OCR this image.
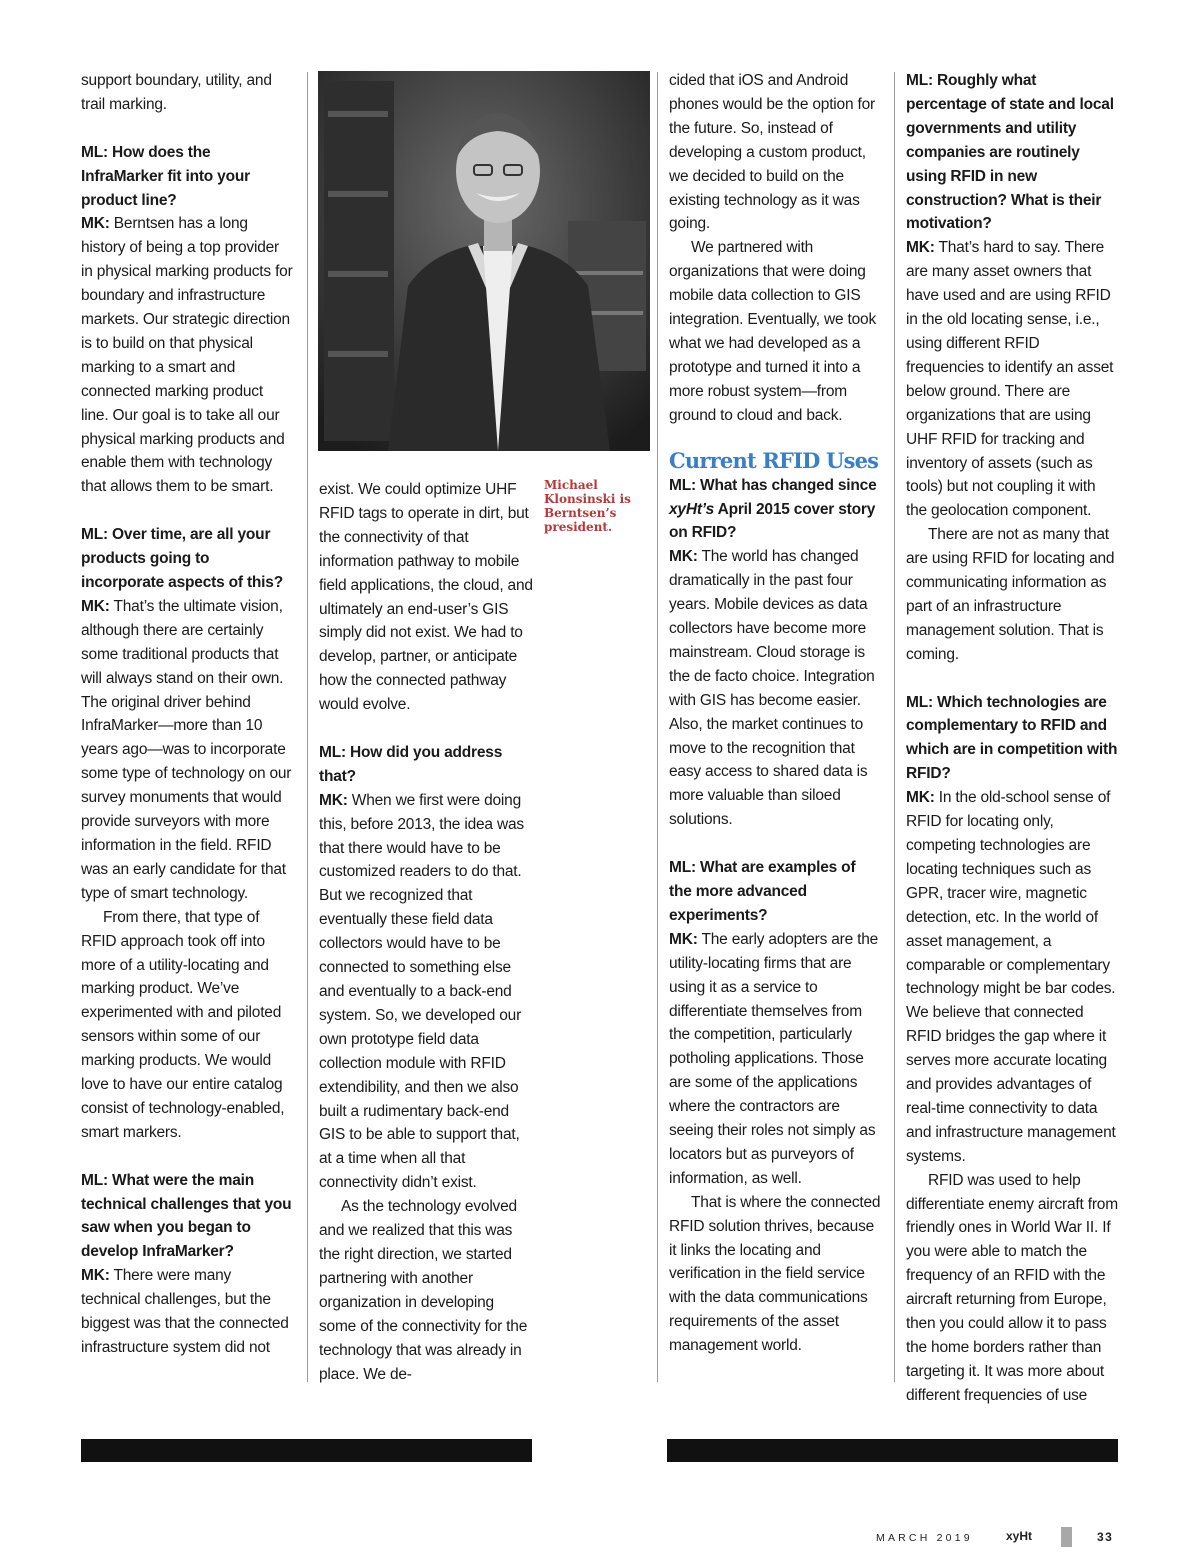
support boundary, utility, and trail marking.

ML: How does the InfraMarker fit into your product line?

MK: Berntsen has a long history of being a top provider in physical marking products for boundary and infrastructure markets. Our strategic direction is to build on that physical marking to a smart and connected marking product line. Our goal is to take all our physical marking products and enable them with technology that allows them to be smart.

ML: Over time, are all your products going to incorporate aspects of this?

MK: That’s the ultimate vision, although there are certainly some traditional products that will always stand on their own. The original driver behind InfraMarker—more than 10 years ago—was to incorporate some type of technology on our survey monuments that would provide surveyors with more information in the field. RFID was an early candidate for that type of smart technology.

From there, that type of RFID approach took off into more of a utility-locating and marking product. We’ve experimented with and piloted sensors within some of our marking products. We would love to have our entire catalog consist of technology-enabled, smart markers.

ML: What were the main technical challenges that you saw when you began to develop InfraMarker?

MK: There were many technical challenges, but the biggest was that the connected infrastructure system did not

Michael Klonsinski is Berntsen’s president.

exist. We could optimize UHF RFID tags to operate in dirt, but the connectivity of that information pathway to mobile field applications, the cloud, and ultimately an end-user’s GIS simply did not exist. We had to develop, partner, or anticipate how the connected pathway would evolve.

ML: How did you address that?

MK: When we first were doing this, before 2013, the idea was that there would have to be customized readers to do that. But we recognized that eventually these field data collectors would have to be connected to something else and eventually to a back-end system. So, we developed our own prototype field data collection module with RFID extendibility, and then we also built a rudimentary back-end GIS to be able to support that, at a time when all that connectivity didn’t exist.

As the technology evolved and we realized that this was the right direction, we started partnering with another organization in developing some of the connectivity for the technology that was already in place. We de-

cided that iOS and Android phones would be the option for the future. So, instead of developing a custom product, we decided to build on the existing technology as it was going.

We partnered with organizations that were doing mobile data collection to GIS integration. Eventually, we took what we had developed as a prototype and turned it into a more robust system—from ground to cloud and back.

Current RFID Uses

ML: What has changed since xyHt’s April 2015 cover story on RFID?

MK: The world has changed dramatically in the past four years. Mobile devices as data collectors have become more mainstream. Cloud storage is the de facto choice. Integration with GIS has become easier. Also, the market continues to move to the recognition that easy access to shared data is more valuable than siloed solutions.

ML: What are examples of the more advanced experiments?

MK: The early adopters are the utility-locating firms that are using it as a service to differentiate themselves from the competition, particularly potholing applications. Those are some of the applications where the contractors are seeing their roles not simply as locators but as purveyors of information, as well.

That is where the connected RFID solution thrives, because it links the locating and verification in the field service with the data communications requirements of the asset management world.

ML: Roughly what percentage of state and local governments and utility companies are routinely using RFID in new construction? What is their motivation?

MK: That’s hard to say. There are many asset owners that have used and are using RFID in the old locating sense, i.e., using different RFID frequencies to identify an asset below ground. There are organizations that are using UHF RFID for tracking and inventory of assets (such as tools) but not coupling it with the geolocation component.

There are not as many that are using RFID for locating and communicating information as part of an infrastructure management solution. That is coming.

ML: Which technologies are complementary to RFID and which are in competition with RFID?

MK: In the old-school sense of RFID for locating only, competing technologies are locating techniques such as GPR, tracer wire, magnetic detection, etc. In the world of asset management, a comparable or complementary technology might be bar codes. We believe that connected RFID bridges the gap where it serves more accurate locating and provides advantages of real-time connectivity to data and infrastructure management systems.

RFID was used to help differentiate enemy aircraft from friendly ones in World War II. If you were able to match the frequency of an RFID with the aircraft returning from Europe, then you could allow it to pass the home borders rather than targeting it. It was more about different frequencies of use

MARCH 2019	xyHt	33
